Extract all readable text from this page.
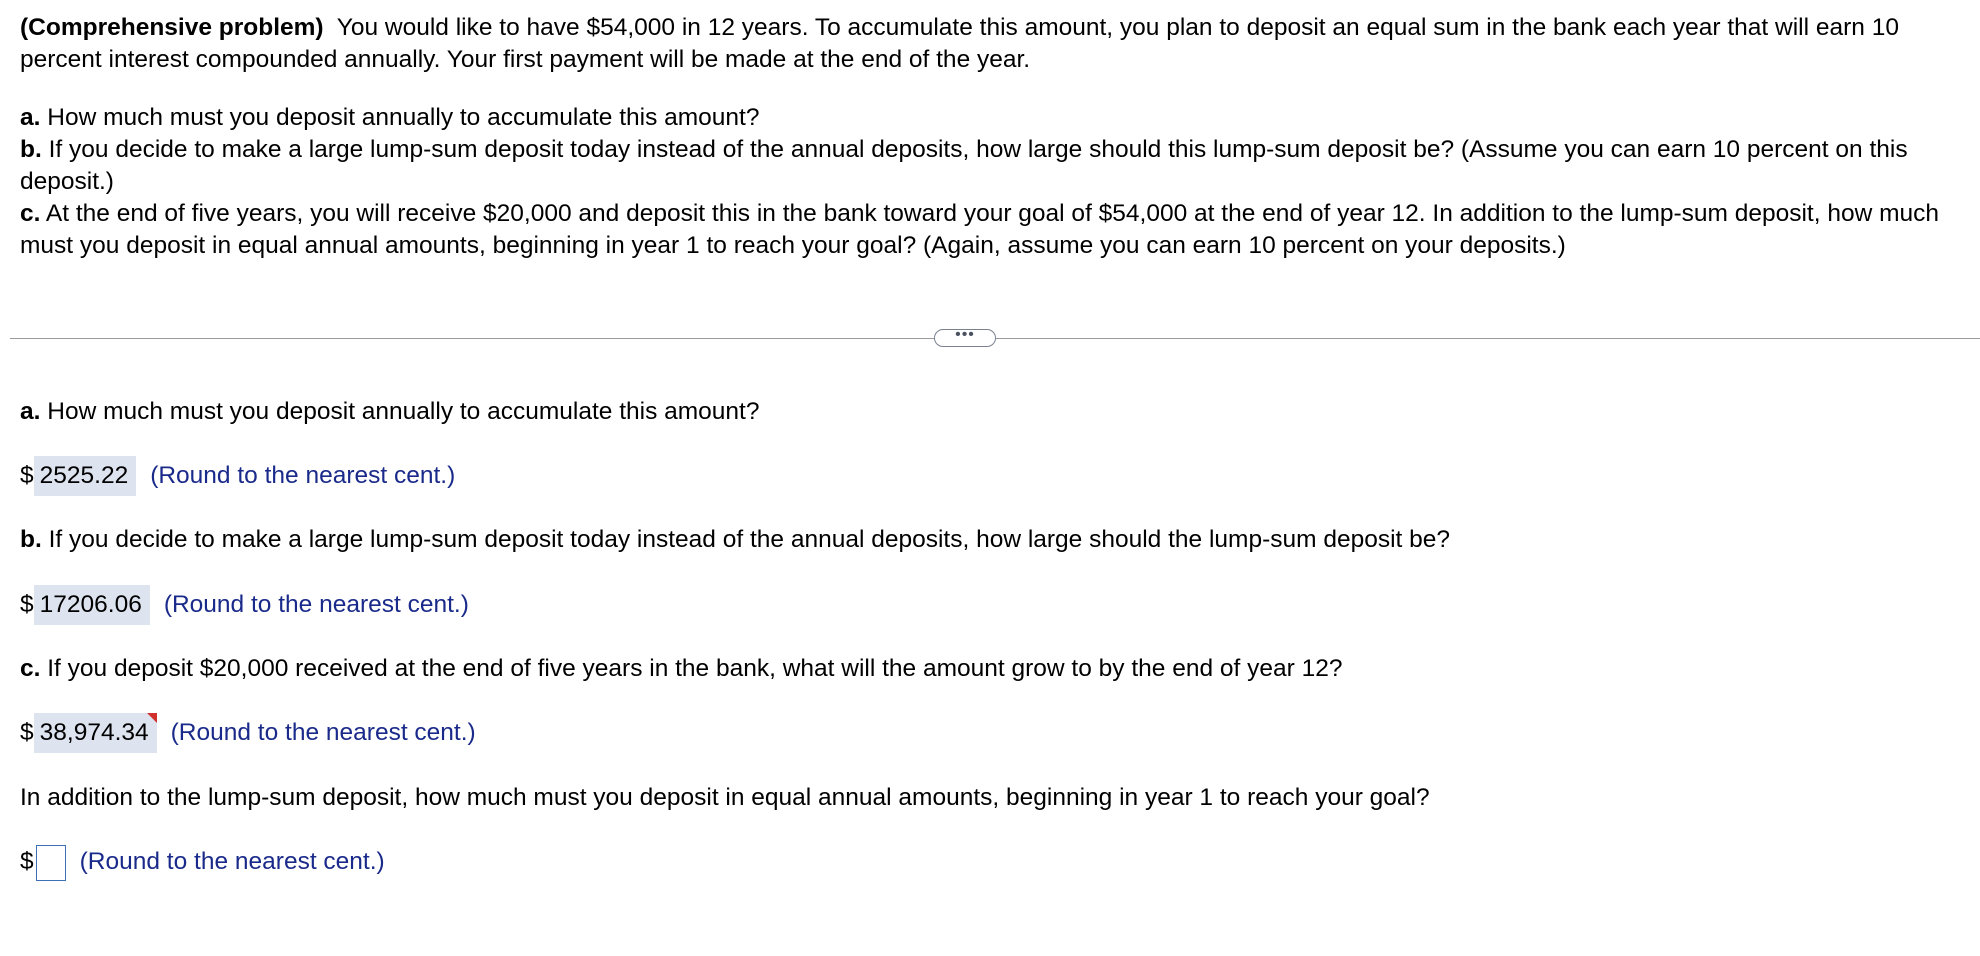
(Comprehensive problem) You would like to have $54,000 in 12 years. To accumulate this amount, you plan to deposit an equal sum in the bank each year that will earn 10 percent interest compounded annually. Your first payment will be made at the end of the year.

a. How much must you deposit annually to accumulate this amount?

b. If you decide to make a large lump-sum deposit today instead of the annual deposits, how large should this lump-sum deposit be? (Assume you can earn 10 percent on this deposit.)

c. At the end of five years, you will receive $20,000 and deposit this in the bank toward your goal of $54,000 at the end of year 12. In addition to the lump-sum deposit, how much must you deposit in equal annual amounts, beginning in year 1 to reach your goal? (Again, assume you can earn 10 percent on your deposits.)

•••
a. How much must you deposit annually to accumulate this amount?
$ 2525.22 (Round to the nearest cent.)
b. If you decide to make a large lump-sum deposit today instead of the annual deposits, how large should the lump-sum deposit be?
$ 17206.06 (Round to the nearest cent.)
c. If you deposit $20,000 received at the end of five years in the bank, what will the amount grow to by the end of year 12?
$ 38,974.34 (Round to the nearest cent.)
In addition to the lump-sum deposit, how much must you deposit in equal annual amounts, beginning in year 1 to reach your goal?
$ (Round to the nearest cent.)
